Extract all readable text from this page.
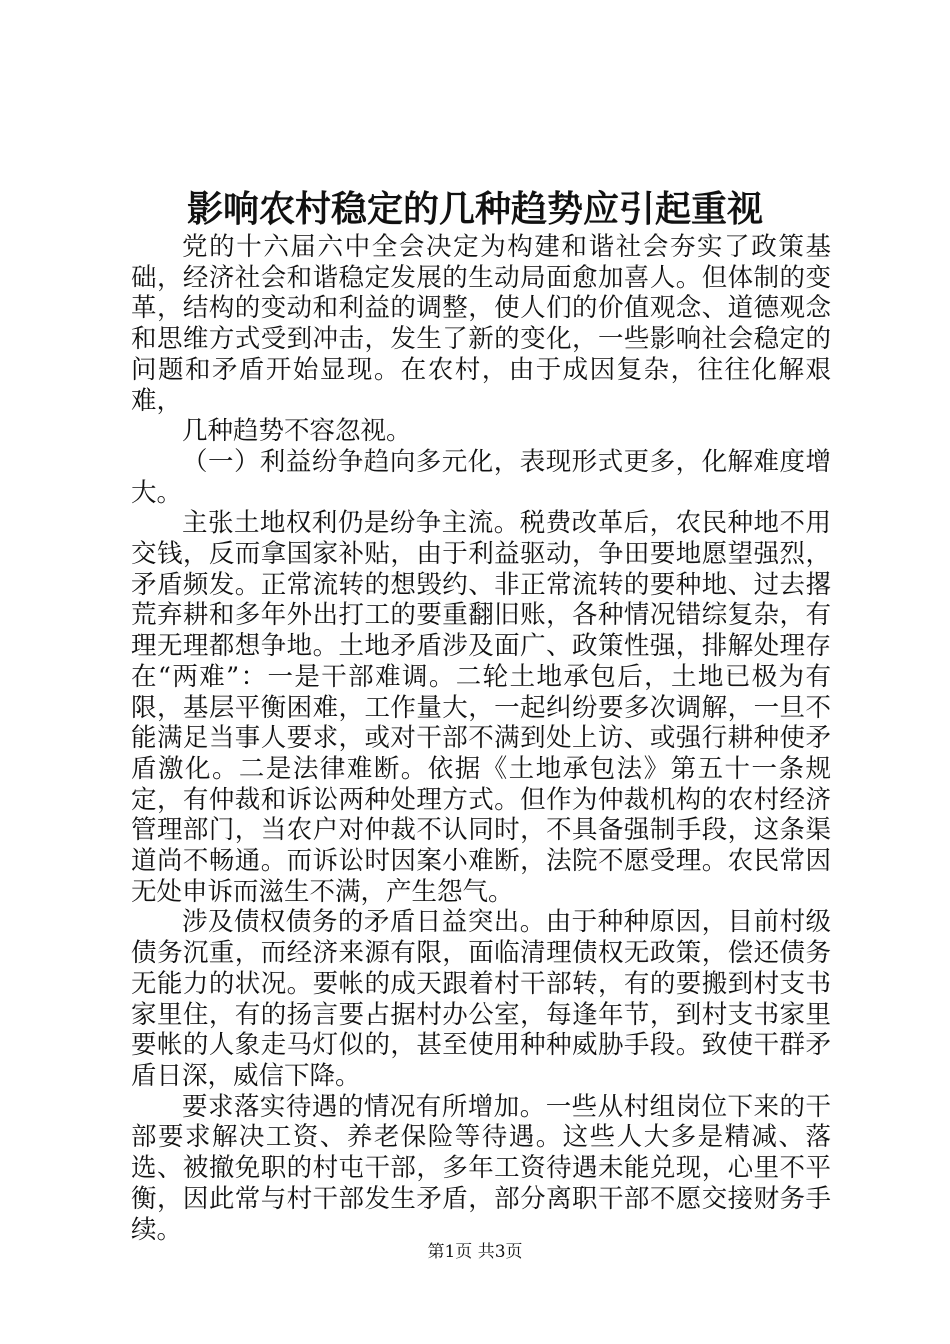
影响农村稳定的几种趋势应引起重视

党的十六届六中全会决定为构建和谐社会夯实了政策基础，经济社会和谐稳定发展的生动局面愈加喜人。但体制的变革，结构的变动和利益的调整，使人们的价值观念、道德观念和思维方式受到冲击，发生了新的变化，一些影响社会稳定的问题和矛盾开始显现。在农村，由于成因复杂，往往化解艰难，

几种趋势不容忽视。

（一）利益纷争趋向多元化，表现形式更多，化解难度增大。

主张土地权利仍是纷争主流。税费改革后，农民种地不用交钱，反而拿国家补贴，由于利益驱动，争田要地愿望强烈，矛盾频发。正常流转的想毁约、非正常流转的要种地、过去撂荒弃耕和多年外出打工的要重翻旧账，各种情况错综复杂，有理无理都想争地。土地矛盾涉及面广、政策性强，排解处理存在“两难”：一是干部难调。二轮土地承包后，土地已极为有限，基层平衡困难，工作量大，一起纠纷要多次调解，一旦不能满足当事人要求，或对干部不满到处上访、或强行耕种使矛盾激化。二是法律难断。依据《土地承包法》第五十一条规定，有仲裁和诉讼两种处理方式。但作为仲裁机构的农村经济管理部门，当农户对仲裁不认同时，不具备强制手段，这条渠道尚不畅通。而诉讼时因案小难断，法院不愿受理。农民常因无处申诉而滋生不满，产生怨气。

涉及债权债务的矛盾日益突出。由于种种原因，目前村级债务沉重，而经济来源有限，面临清理债权无政策，偿还债务无能力的状况。要帐的成天跟着村干部转，有的要搬到村支书家里住，有的扬言要占据村办公室，每逢年节，到村支书家里要帐的人象走马灯似的，甚至使用种种威胁手段。致使干群矛盾日深，威信下降。

要求落实待遇的情况有所增加。一些从村组岗位下来的干部要求解决工资、养老保险等待遇。这些人大多是精减、落选、被撤免职的村屯干部，多年工资待遇未能兑现，心里不平衡，因此常与村干部发生矛盾，部分离职干部不愿交接财务手续。

第1页 共3页
